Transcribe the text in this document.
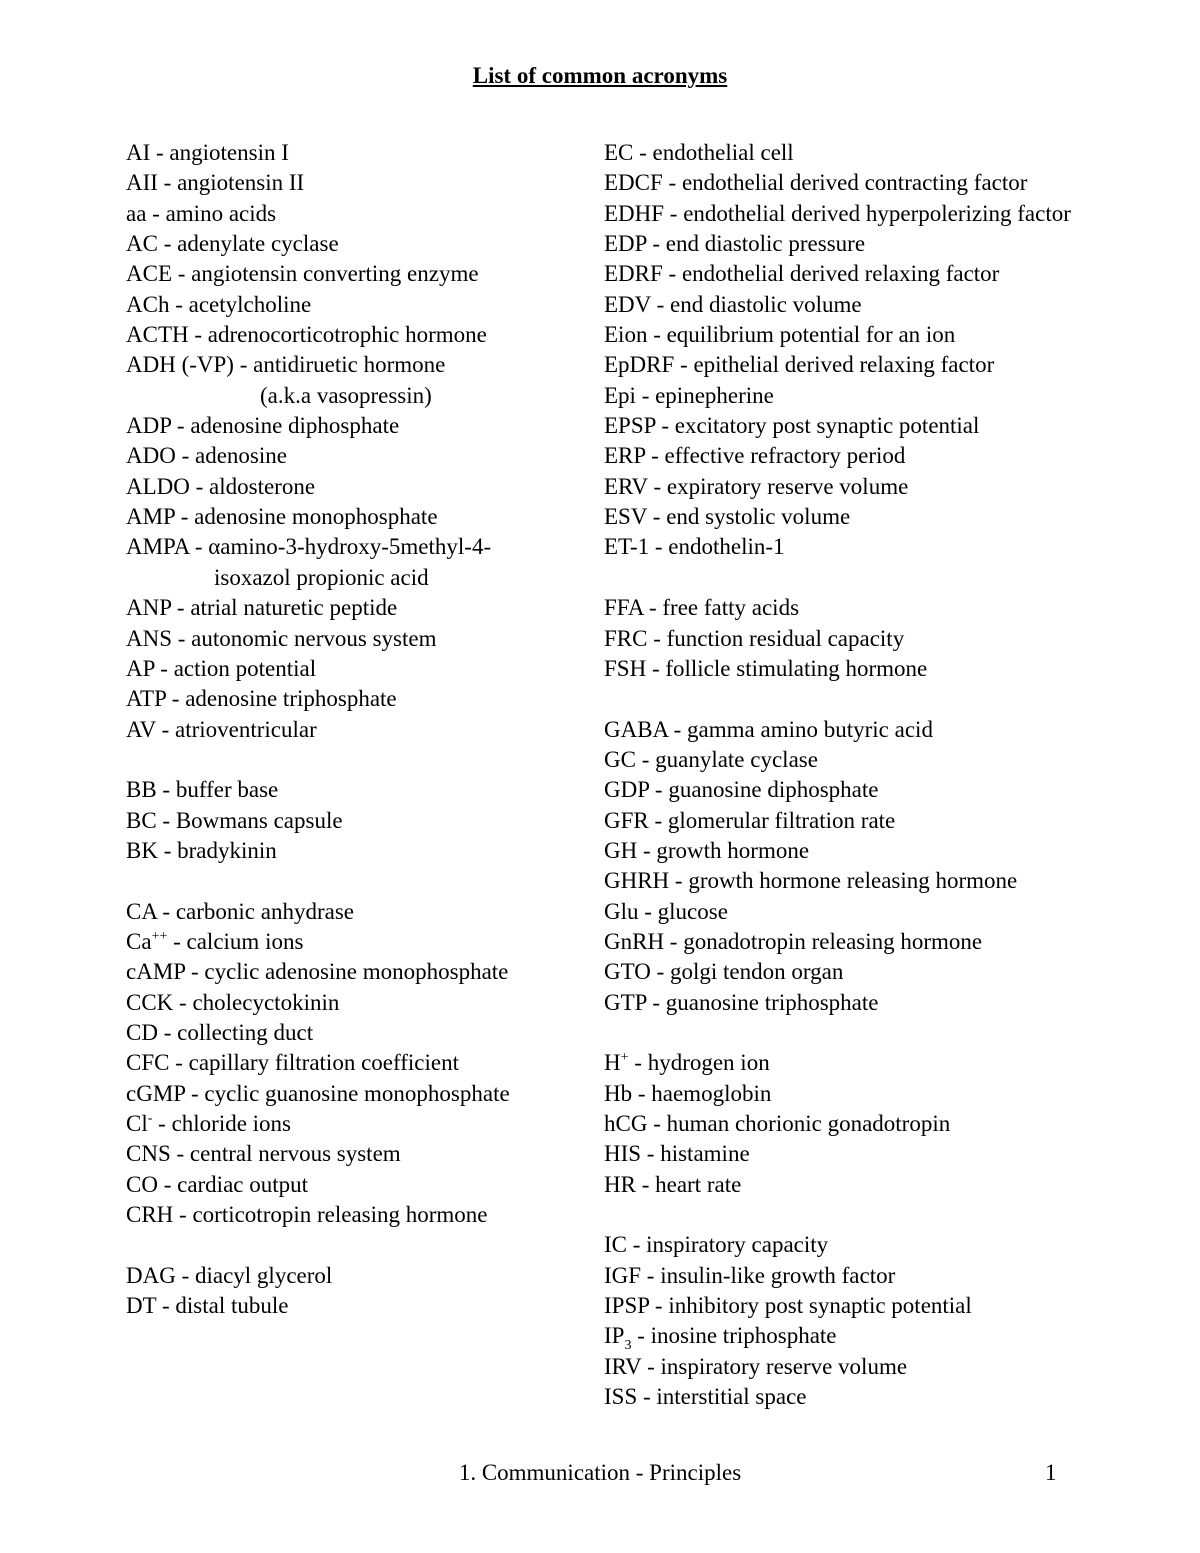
List of common acronyms
AI - angiotensin I
AII - angiotensin II
aa - amino acids
AC - adenylate cyclase
ACE - angiotensin converting enzyme
ACh - acetylcholine
ACTH - adrenocorticotrophic hormone
ADH (-VP) - antidiruetic hormone
(a.k.a vasopressin)
ADP - adenosine diphosphate
ADO - adenosine
ALDO - aldosterone
AMP - adenosine monophosphate
AMPA - αamino-3-hydroxy-5methyl-4-
isoxazol propionic acid
ANP - atrial naturetic peptide
ANS - autonomic nervous system
AP - action potential
ATP - adenosine triphosphate
AV - atrioventricular

BB - buffer base
BC - Bowmans capsule
BK - bradykinin

CA - carbonic anhydrase
Ca++ - calcium ions
cAMP - cyclic adenosine monophosphate
CCK - cholecyctokinin
CD - collecting duct
CFC - capillary filtration coefficient
cGMP - cyclic guanosine monophosphate
Cl- - chloride ions
CNS - central nervous system
CO - cardiac output
CRH - corticotropin releasing hormone

DAG - diacyl glycerol
DT - distal tubule
EC - endothelial cell
EDCF - endothelial derived contracting factor
EDHF - endothelial derived hyperpolerizing factor
EDP - end diastolic pressure
EDRF - endothelial derived relaxing factor
EDV - end diastolic volume
Eion - equilibrium potential for an ion
EpDRF - epithelial derived relaxing factor
Epi - epinepherine
EPSP - excitatory post synaptic potential
ERP - effective refractory period
ERV - expiratory reserve volume
ESV - end systolic volume
ET-1 - endothelin-1

FFA - free fatty acids
FRC - function residual capacity
FSH - follicle stimulating hormone

GABA - gamma amino butyric acid
GC - guanylate cyclase
GDP - guanosine diphosphate
GFR - glomerular filtration rate
GH - growth hormone
GHRH - growth hormone releasing hormone
Glu - glucose
GnRH - gonadotropin releasing hormone
GTO - golgi tendon organ
GTP - guanosine triphosphate

H+ - hydrogen ion
Hb - haemoglobin
hCG - human chorionic gonadotropin
HIS - histamine
HR - heart rate

IC - inspiratory capacity
IGF - insulin-like growth factor
IPSP - inhibitory post synaptic potential
$IP_3$ - inosine triphosphate
IRV - inspiratory reserve volume
ISS - interstitial space
1. Communication - Principles	1
